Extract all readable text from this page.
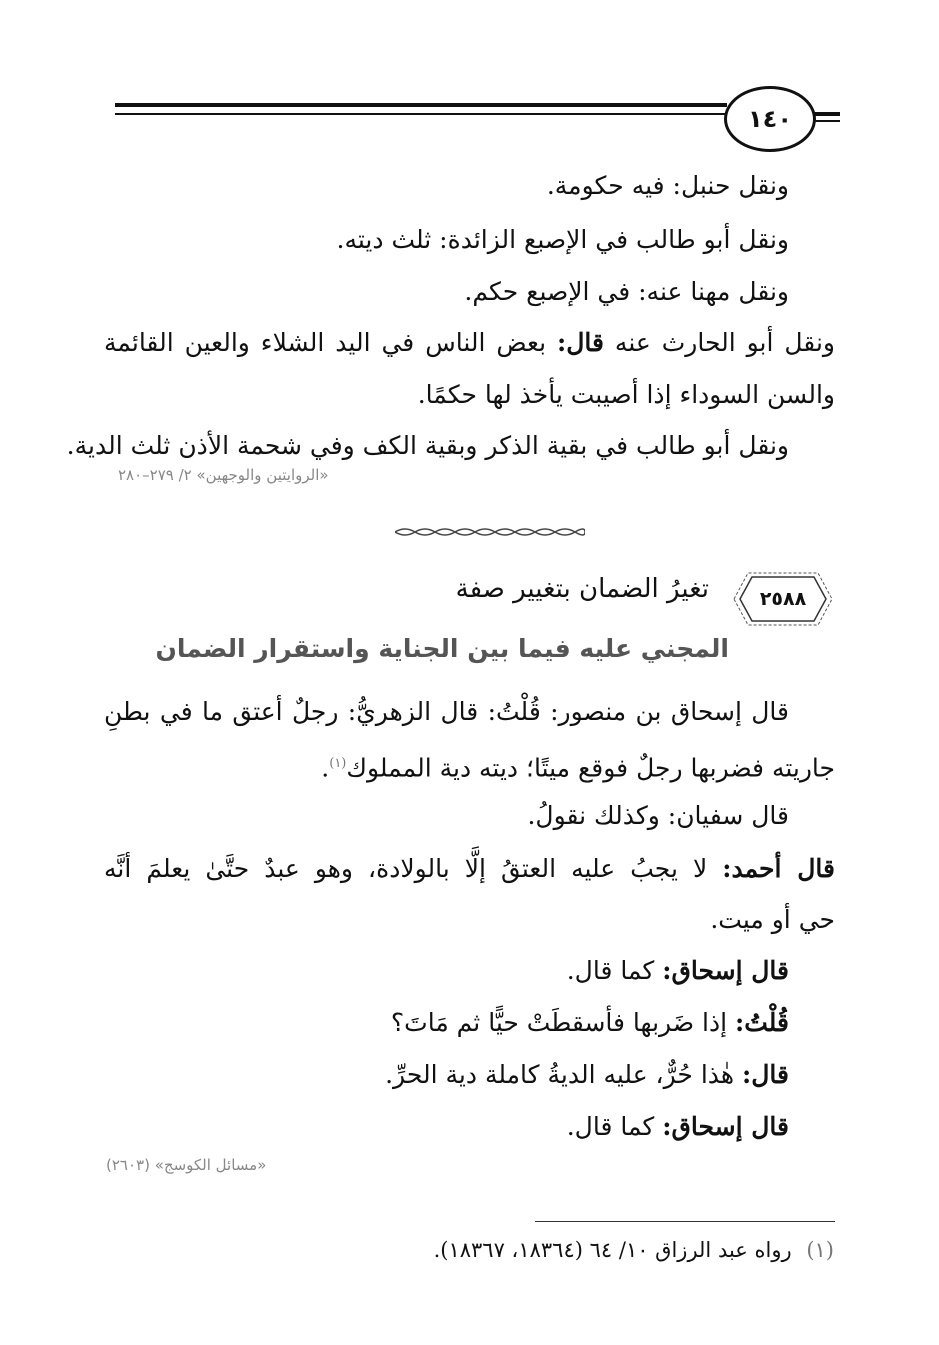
١٤٠
ونقل حنبل: فيه حكومة.
ونقل أبو طالب في الإصبع الزائدة: ثلث ديته.
ونقل مهنا عنه: في الإصبع حكم.
ونقل أبو الحارث عنه قال: بعض الناس في اليد الشلاء والعين القائمة
والسن السوداء إذا أصيبت يأخذ لها حكمًا.
ونقل أبو طالب في بقية الذكر وبقية الكف وفي شحمة الأذن ثلث الدية.
«الروايتين والوجهين» ٢/ ٢٧٩–٢٨٠
٢٥٨٨
تغيرُ الضمان بتغيير صفة
المجني عليه فيما بين الجناية واستقرار الضمان
قال إسحاق بن منصور: قُلْتُ: قال الزهريُّ: رجلٌ أعتق ما في بطنِ
جاريته فضربها رجلٌ فوقع ميتًا؛ ديته دية المملوك$^{(١)}$.
قال سفيان: وكذلك نقولُ.
قال أحمد: لا يجبُ عليه العتقُ إلَّا بالولادة، وهو عبدٌ حتَّىٰ يعلمَ أنَّه
حي أو ميت.
قال إسحاق: كما قال.
قُلْتُ: إذا ضَربها فأسقطَتْ حيًّا ثم مَاتَ؟
قال: هٰذا حُرٌّ، عليه الديةُ كاملة دية الحرِّ.
قال إسحاق: كما قال.
«مسائل الكوسج» (٢٦٠٣)
(١) رواه عبد الرزاق ١٠/ ٦٤ (١٨٣٦٤، ١٨٣٦٧).
